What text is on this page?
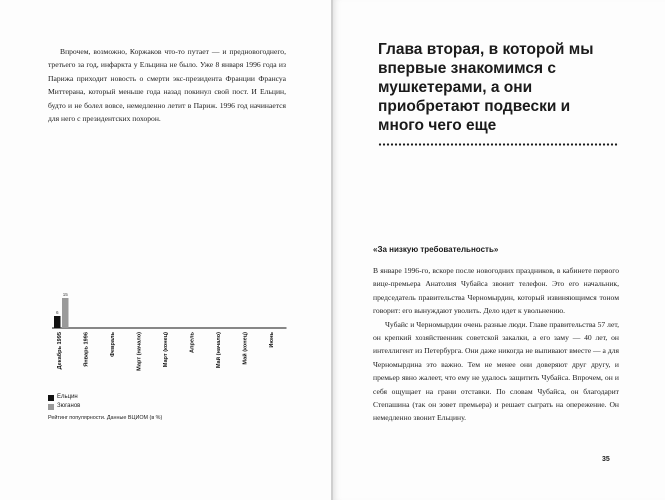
Впрочем, возможно, Коржаков что-то путает — и предновогоднего, третьего за год, инфаркта у Ельцина не было. Уже 8 января 1996 года из Парижа приходит новость о смерти экс-президента Франции Франсуа Миттерана, который меньше года назад покинул свой пост. И Ельцин, будто и не болел вовсе, немедленно летит в Париж. 1996 год начинается для него с президентских похорон.

6
15
Декабрь 1995	Январь 1996	Февраль	Март (начало)	Март (конец)	Апрель	Май (начало)	Май (конец)	Июнь
Ельцин
Зюганов
Рейтинг популярности. Данные ВЦИОМ (в %)
Глава вторая, в которой мы впервые знакомимся с мушкетерами, а они приобретают подвески и много чего еще
«За низкую требовательность»

В январе 1996-го, вскоре после новогодних праздников, в кабинете первого вице-премьера Анатолия Чубайса звонит телефон. Это его начальник, председатель правительства Черномырдин, который извиняющимся тоном говорит: его вынуждают уволить. Дело идет к увольнению.

Чубайс и Черномырдин очень разные люди. Главе правительства 57 лет, он крепкий хозяйственник советской закалки, а его заму — 40 лет, он интеллигент из Петербурга. Они даже никогда не выпивают вместе — а для Черномырдина это важно. Тем не менее они доверяют друг другу, и премьер явно жалеет, что ему не удалось защитить Чубайса. Впрочем, он и себя ощущает на грани отставки. По словам Чубайса, он благодарит Степашина (так он зовет премьера) и решает сыграть на опережение. Он немедленно звонит Ельцину.

35
